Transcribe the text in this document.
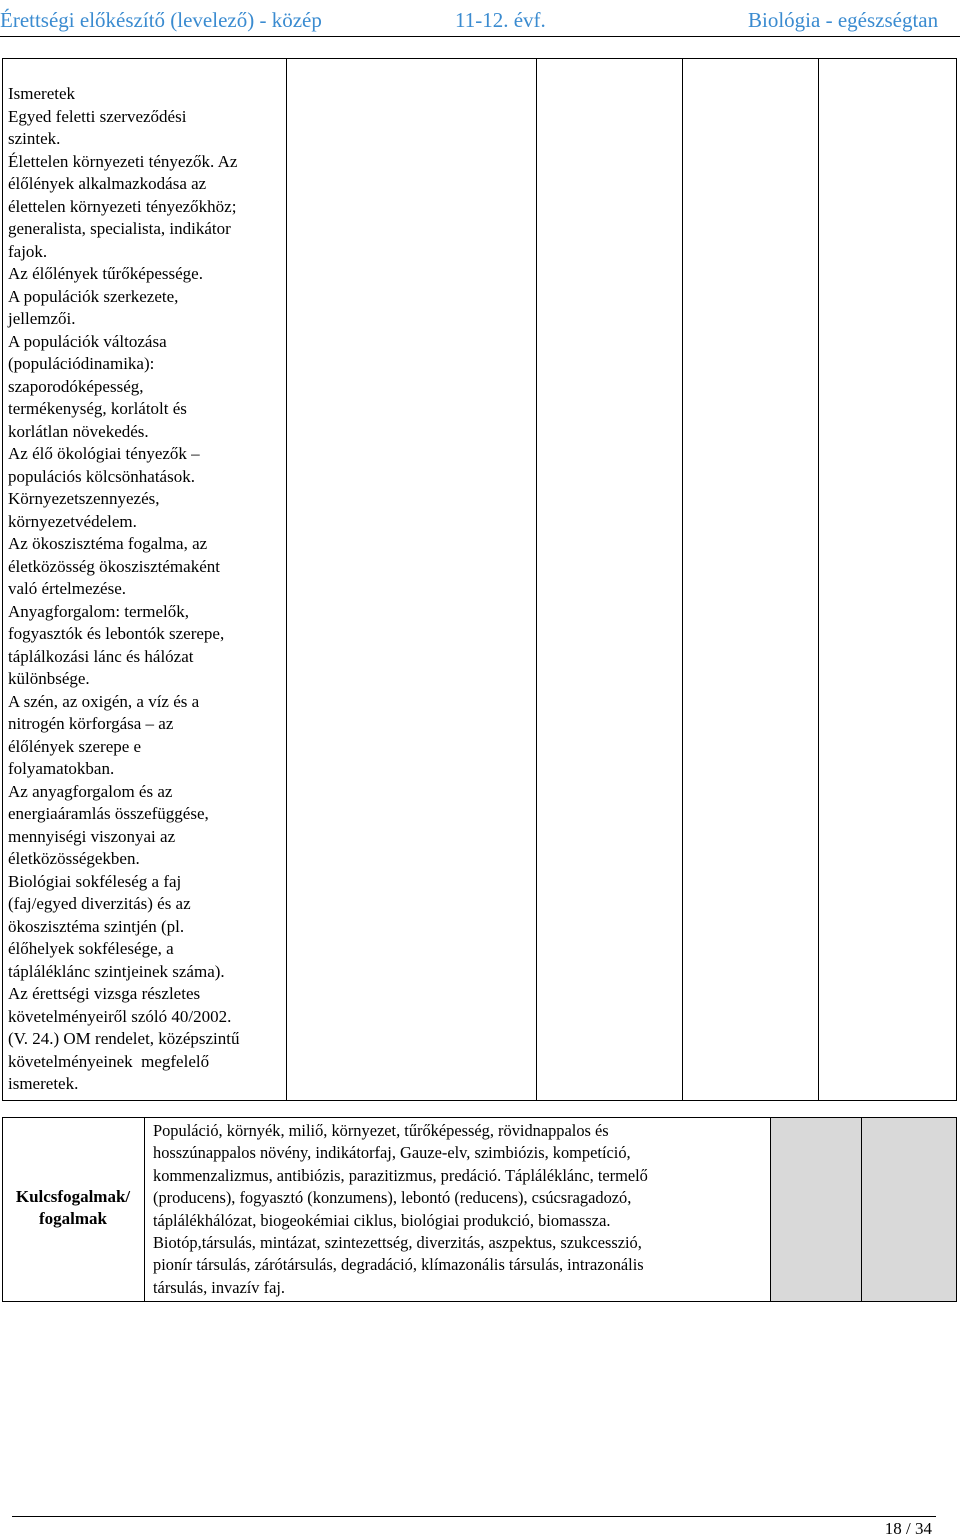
Érettségi előkészítő (levelező) - közép	11-12. évf.	Biológia - egészségtan
Ismeretek
Egyed feletti szerveződési
szintek.
Élettelen környezeti tényezők. Az
élőlények alkalmazkodása az
élettelen környezeti tényezőkhöz;
generalista, specialista, indikátor
fajok.
Az élőlények tűrőképessége.
A populációk szerkezete,
jellemzői.
A populációk változása
(populációdinamika):
szaporodóképesség,
termékenység, korlátolt és
korlátlan növekedés.
Az élő ökológiai tényezők –
populációs kölcsönhatások.
Környezetszennyezés,
környezetvédelem.
Az ökoszisztéma fogalma, az
életközösség ökoszisztémaként
való értelmezése.
Anyagforgalom: termelők,
fogyasztók és lebontók szerepe,
táplálkozási lánc és hálózat
különbsége.
A szén, az oxigén, a víz és a
nitrogén körforgása – az
élőlények szerepe e
folyamatokban.
Az anyagforgalom és az
energiaáramlás összefüggése,
mennyiségi viszonyai az
életközösségekben.
Biológiai sokféleség a faj
(faj/egyed diverzitás) és az
ökoszisztéma szintjén (pl.
élőhelyek sokfélesége, a
tápláléklánc szintjeinek száma).
Az érettségi vizsga részletes
követelményeiről szóló 40/2002.
(V. 24.) OM rendelet, középszintű
követelményeinek  megfelelő
ismeretek.
Kulcsfogalmak/
fogalmak
Populáció, környék, miliő, környezet, tűrőképesség, rövidnappalos és
hosszúnappalos növény, indikátorfaj, Gauze-elv, szimbiózis, kompetíció,
kommenzalizmus, antibiózis, parazitizmus, predáció. Tápláléklánc, termelő
(producens), fogyasztó (konzumens), lebontó (reducens), csúcsragadozó,
táplálékhálózat, biogeokémiai ciklus, biológiai produkció, biomassza.
Biotóp,társulás, mintázat, szintezettség, diverzitás, aszpektus, szukcesszió,
pionír társulás, zárótársulás, degradáció, klímazonális társulás, intrazonális
társulás, invazív faj.
18 / 34
